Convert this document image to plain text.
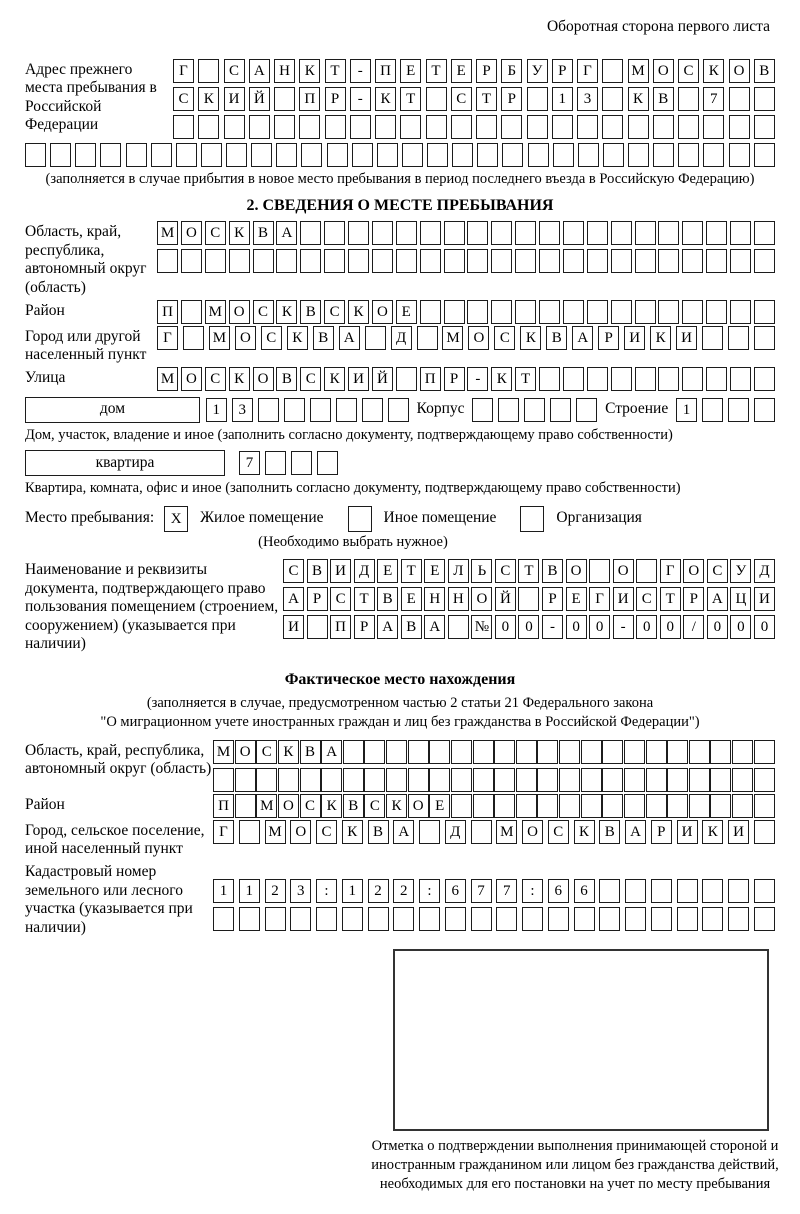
Оборотная сторона первого листа
Адрес прежнего места пребывания в Российской Федерации
Г	С А Н К	Т	-	П	Е	Т	Е	Р	Б	У	Р	Г	М О С	К О В
С	К И Й	П	Р	-	К	Т	С	Т	Р	1	3	К	В	7
(заполняется в случае прибытия в новое место пребывания в период последнего въезда в Российскую Федерацию)
2. СВЕДЕНИЯ О МЕСТЕ ПРЕБЫВАНИЯ
Область, край, республика, автономный округ (область)
М О С К В А
Район	П	М О С К В С К О Е
Город или другой населенный пункт
Г	М О	С	К	В	А	Д	М О	С	К	В	А	Р	И	К	И
Улица	М О С К О В С К И Й	П Р	-	К Т
дом	1	3	Корпус	Строение 1
Дом, участок, владение и иное (заполнить согласно документу, подтверждающему право собственности)
квартира	7
Квартира, комната, офис и иное (заполнить согласно документу, подтверждающему право собственности)
Место пребывания:	X	Жилое помещение	Иное помещение	Организация
(Необходимо выбрать нужное)
Наименование и реквизиты документа, подтверждающего право пользования помещением (строением, сооружением) (указывается при наличии)
С В И Д Е Т Е Л Ь С Т В О	О	Г О С У Д
А Р С Т В Е Н Н О Й	Р Е Г И С Т Р А Ц И
И	П Р А В А	№ 0	0	-	0	0	-	0	0	/	0	0	0
Фактическое место нахождения
(заполняется в случае, предусмотренном частью 2 статьи 21 Федерального закона
"О миграционном учете иностранных граждан и лиц без гражданства в Российской Федерации")
Область, край, республика, автономный округ (область)
М О С К В А
Район	П	М О С К В С К О Е
Город, сельское поселение, иной населенный пункт
Г	М О	С	К	В	А	Д	М О	С	К	В	А	Р	И	К	И
Кадастровый номер земельного или лесного участка (указывается при наличии)
1	1	2	3	:	1	2	2	:	6	7	7	:	6	6
Отметка о подтверждении выполнения принимающей стороной и иностранным гражданином или лицом без гражданства действий, необходимых для его постановки на учет по месту пребывания
